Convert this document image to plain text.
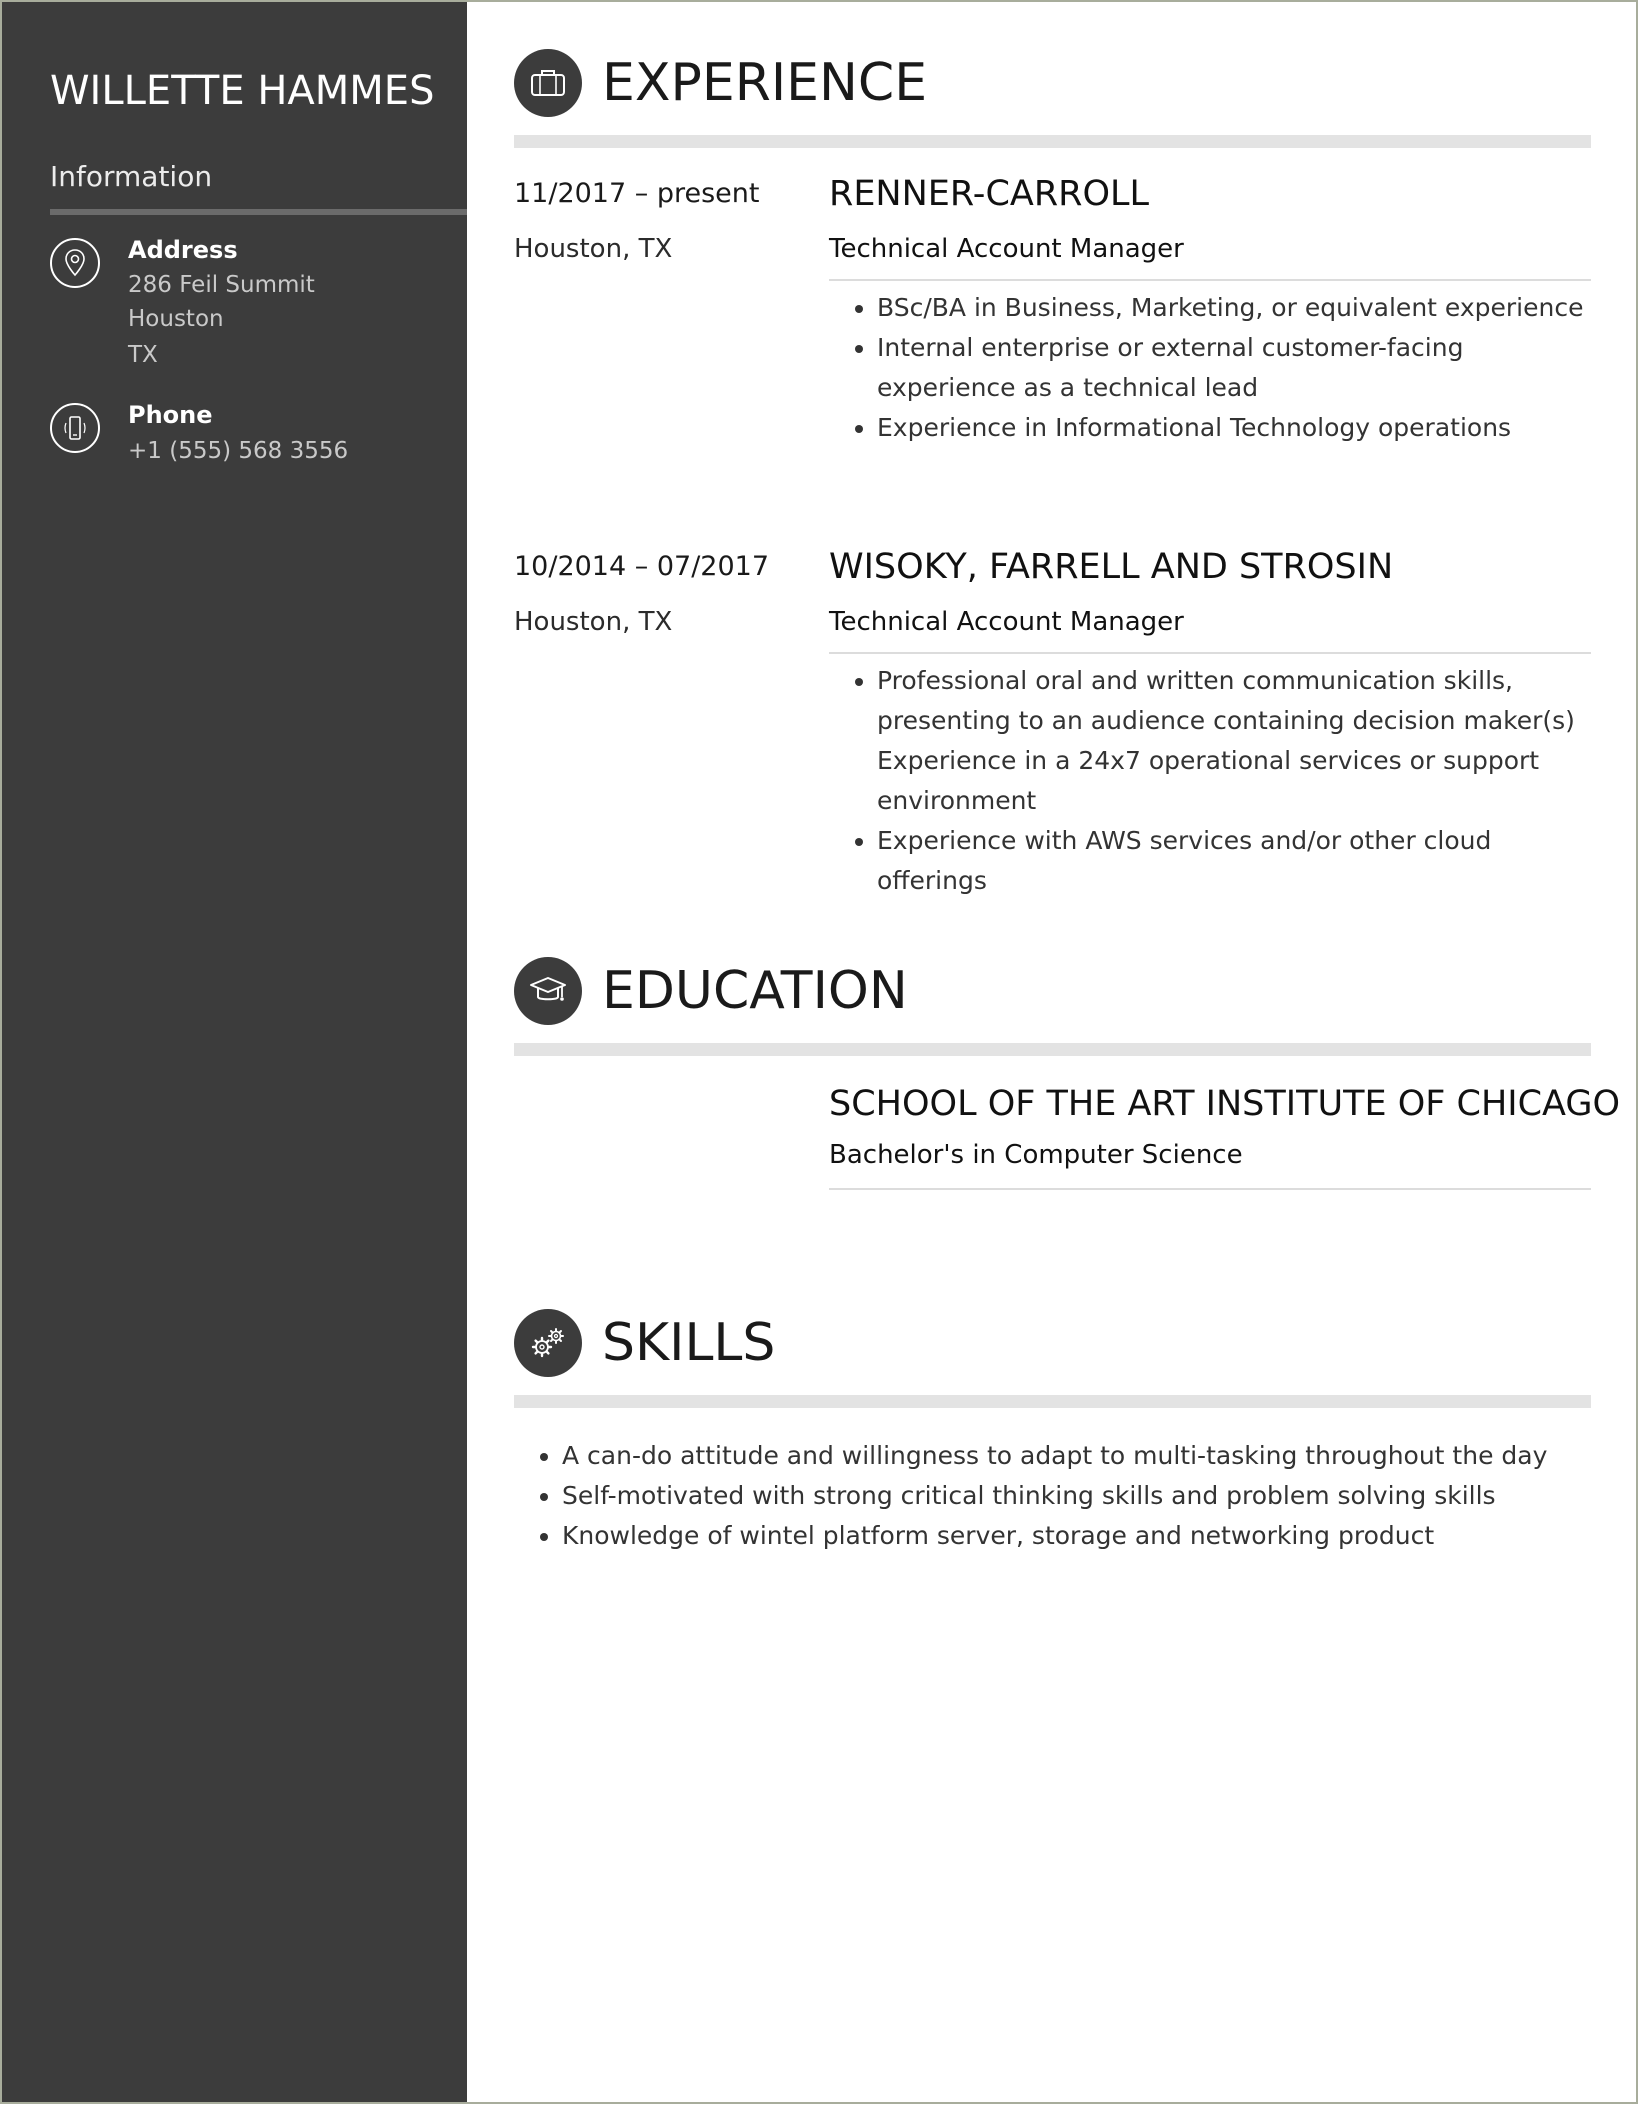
WILLETTE HAMMES
Information
Address
286 Feil Summit
Houston
TX
Phone
+1 (555) 568 3556
EXPERIENCE
11/2017 – present
Houston, TX
RENNER-CARROLL
Technical Account Manager
• BSc/BA in Business, Marketing, or equivalent experience
• Internal enterprise or external customer-facing experience as a technical lead
• Experience in Informational Technology operations
10/2014 – 07/2017
Houston, TX
WISOKY, FARRELL AND STROSIN
Technical Account Manager
• Professional oral and written communication skills, presenting to an audience containing decision maker(s) Experience in a 24x7 operational services or support environment
• Experience with AWS services and/or other cloud offerings
EDUCATION
SCHOOL OF THE ART INSTITUTE OF CHICAGO
Bachelor's in Computer Science
SKILLS
• A can-do attitude and willingness to adapt to multi-tasking throughout the day
• Self-motivated with strong critical thinking skills and problem solving skills
• Knowledge of wintel platform server, storage and networking product
